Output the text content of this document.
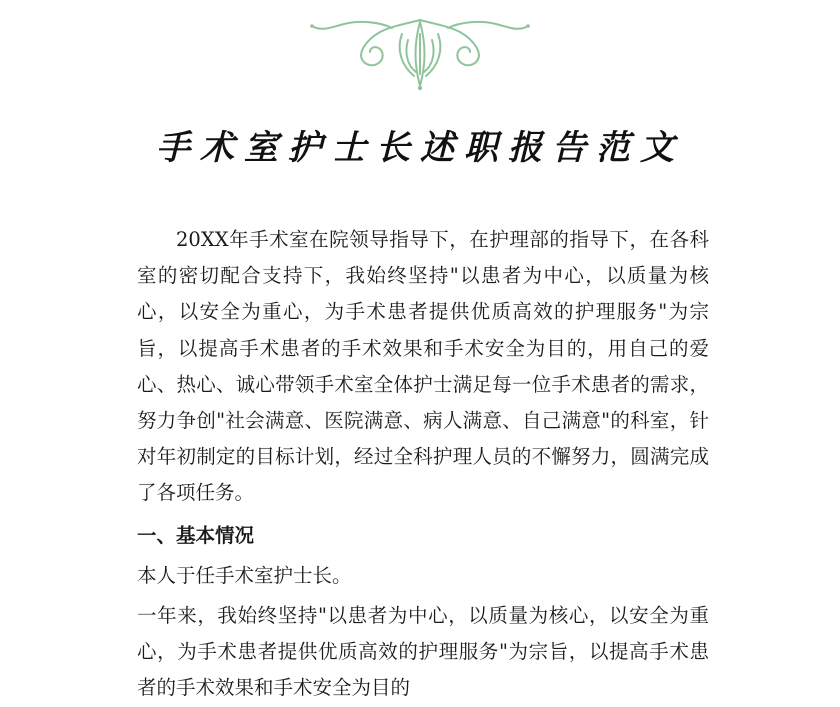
手术室护士长述职报告范文

20XX年手术室在院领导指导下，在护理部的指导下，在各科室的密切配合支持下，我始终坚持"以患者为中心，以质量为核心，以安全为重心，为手术患者提供优质高效的护理服务"为宗旨，以提高手术患者的手术效果和手术安全为目的，用自己的爱心、热心、诚心带领手术室全体护士满足每一位手术患者的需求，努力争创"社会满意、医院满意、病人满意、自己满意"的科室，针对年初制定的目标计划，经过全科护理人员的不懈努力，圆满完成了各项任务。

一、基本情况

本人于任手术室护士长。

一年来，我始终坚持"以患者为中心，以质量为核心，以安全为重心，为手术患者提供优质高效的护理服务"为宗旨，以提高手术患者的手术效果和手术安全为目的
